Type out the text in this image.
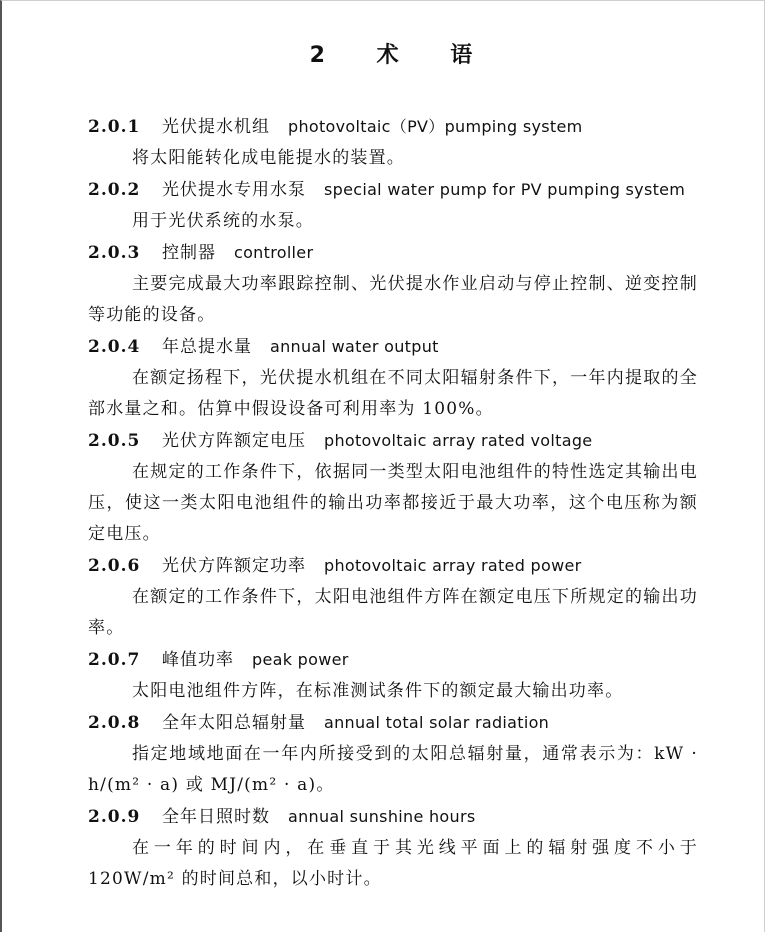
2 术 语
2.0.1 光伏提水机组 photovoltaic（PV）pumping system
将太阳能转化成电能提水的装置。
2.0.2 光伏提水专用水泵 special water pump for PV pumping system
用于光伏系统的水泵。
2.0.3 控制器 controller
主要完成最大功率跟踪控制、光伏提水作业启动与停止控制、逆变控制等功能的设备。
2.0.4 年总提水量 annual water output
在额定扬程下，光伏提水机组在不同太阳辐射条件下，一年内提取的全部水量之和。估算中假设设备可利用率为 100%。
2.0.5 光伏方阵额定电压 photovoltaic array rated voltage
在规定的工作条件下，依据同一类型太阳电池组件的特性选定其输出电压，使这一类太阳电池组件的输出功率都接近于最大功率，这个电压称为额定电压。
2.0.6 光伏方阵额定功率 photovoltaic array rated power
在额定的工作条件下，太阳电池组件方阵在额定电压下所规定的输出功率。
2.0.7 峰值功率 peak power
太阳电池组件方阵，在标准测试条件下的额定最大输出功率。
2.0.8 全年太阳总辐射量 annual total solar radiation
指定地域地面在一年内所接受到的太阳总辐射量，通常表示为：kW · h/(m² · a) 或 MJ/(m² · a)。
2.0.9 全年日照时数 annual sunshine hours
在一年的时间内，在垂直于其光线平面上的辐射强度不小于 120W/m² 的时间总和，以小时计。
